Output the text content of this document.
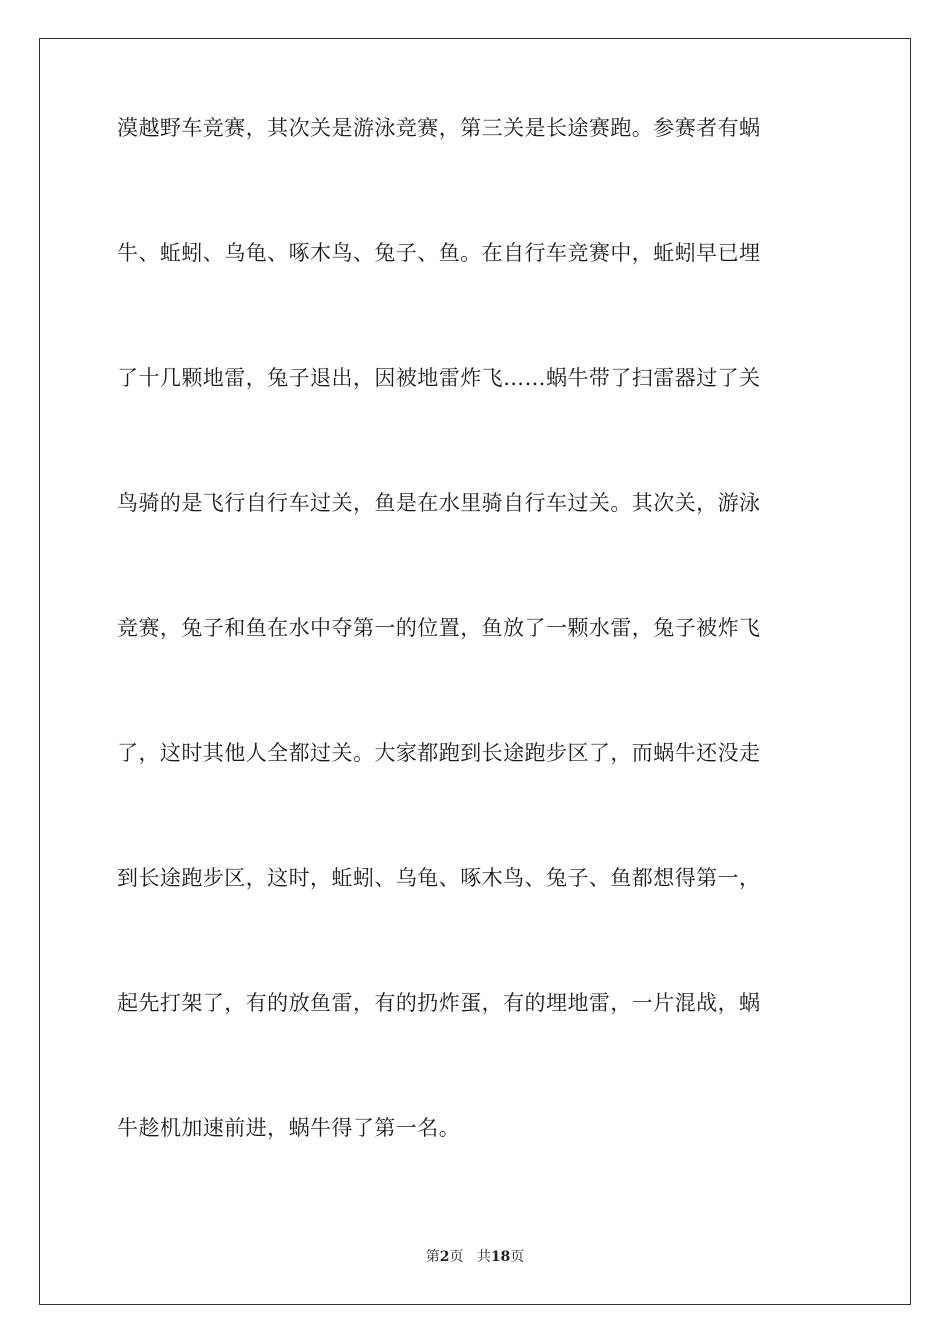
漠越野车竞赛，其次关是游泳竞赛，第三关是长途赛跑。参赛者有蜗
牛、蚯蚓、乌龟、啄木鸟、兔子、鱼。在自行车竞赛中，蚯蚓早已埋
了十几颗地雷，兔子退出，因被地雷炸飞……蜗牛带了扫雷器过了关
鸟骑的是飞行自行车过关，鱼是在水里骑自行车过关。其次关，游泳
竞赛，兔子和鱼在水中夺第一的位置，鱼放了一颗水雷，兔子被炸飞
了，这时其他人全都过关。大家都跑到长途跑步区了，而蜗牛还没走
到长途跑步区，这时，蚯蚓、乌龟、啄木鸟、兔子、鱼都想得第一，
起先打架了，有的放鱼雷，有的扔炸蛋，有的埋地雷，一片混战，蜗
牛趁机加速前进，蜗牛得了第一名。
第2页 共18页
